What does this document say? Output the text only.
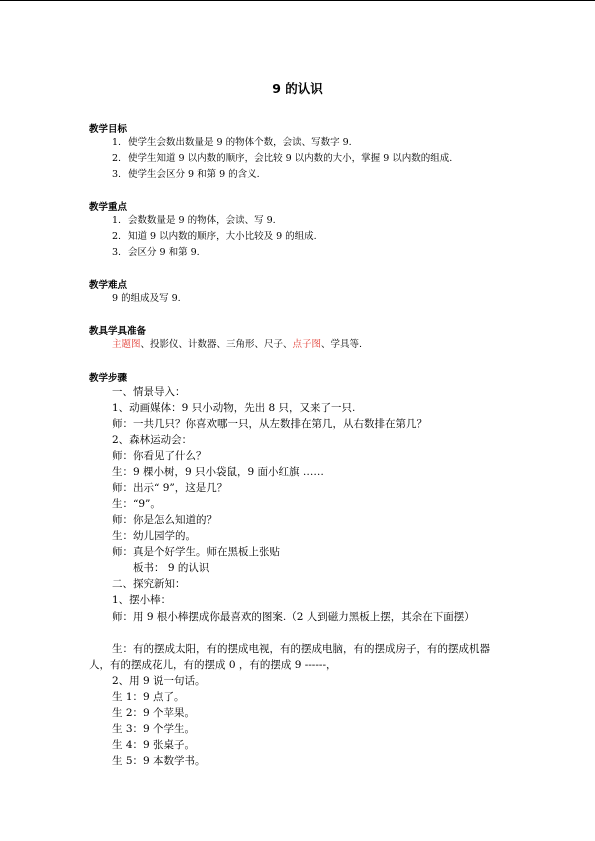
9 的认识
教学目标
1. 使学生会数出数量是 9 的物体个数，会读、写数字 9.
2. 使学生知道 9 以内数的顺序，会比较 9 以内数的大小，掌握 9 以内数的组成.
3. 使学生会区分 9 和第 9 的含义.
教学重点
1. 会数数量是 9 的物体，会读、写 9.
2. 知道 9 以内数的顺序，大小比较及 9 的组成.
3. 会区分 9 和第 9.
教学难点
9 的组成及写 9.
教具学具准备
主题图、投影仪、计数器、三角形、尺子、点子图、学具等.
教学步骤
一、情景导入：
1、动画媒体：9 只小动物，先出 8 只，又来了一只.
师：一共几只？你喜欢哪一只，从左数排在第几，从右数排在第几？
2、森林运动会：
师：你看见了什么？
生：9 棵小树，9 只小袋鼠，9 面小红旗 ……
师：出示“ 9”，这是几？
生：“9”。
师：你是怎么知道的？
生：幼儿园学的。
师：真是个好学生。师在黑板上张贴
板书： 9 的认识
二、探究新知：
1、摆小棒：
师：用 9 根小棒摆成你最喜欢的图案.（2 人到磁力黑板上摆，其余在下面摆）
生：有的摆成太阳，有的摆成电视，有的摆成电脑，有的摆成房子，有的摆成机器人，有的摆成花儿，有的摆成 0 ，有的摆成 9 ------，
2、用 9 说一句话。
生 1：9 点了。
生 2：9 个苹果。
生 3：9 个学生。
生 4：9 张桌子。
生 5：9 本数学书。
